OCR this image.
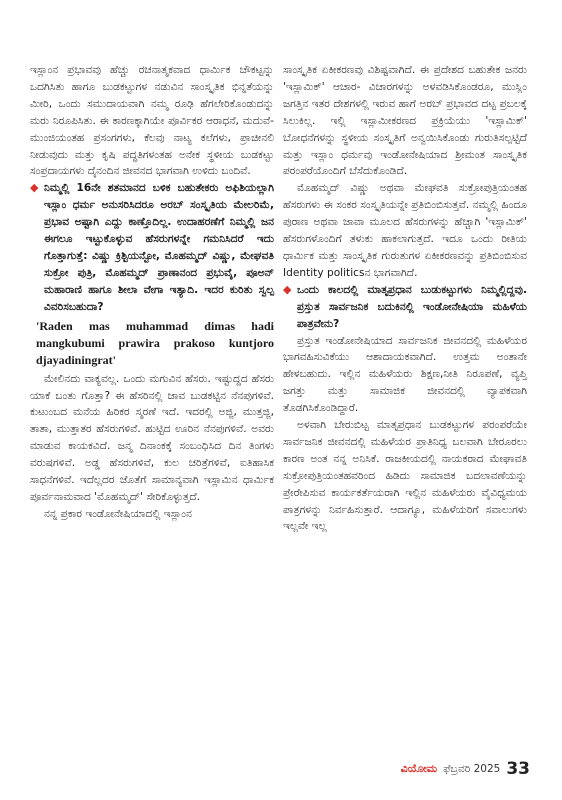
ಇಸ್ಲಾಂನ ಪ್ರಭಾವವು ಹೆಚ್ಚು ರಚನಾತ್ಮಕವಾದ ಧಾರ್ಮಿಕ ಚೌಕಟ್ಟನ್ನು ಒದಗಿಸಿತು ಹಾಗೂ ಬುಡಕಟ್ಟುಗಳ ನಡುವಿನ ಸಾಂಸ್ಕೃತಿಕ ಭಿನ್ನತೆಯನ್ನು ಮೀರಿ, ಒಂದು ಸಮುದಾಯವಾಗಿ ನಮ್ಮ ರೂಢಿ ಹೆಗಲೇರಿಕೊಂಡುದನ್ನು ಮರು ನಿರೂಪಿಸಿತು. ಈ ಕಾರಣಕ್ಕಾಗಿಯೇ ಪೂರ್ವಿಕರ ಆರಾಧನೆ, ಮದುವೆ-ಮುಂಜಿಯಂತಹ ಪ್ರಸಂಗಗಳು, ಕೆಲವು ನಾಟ್ಯ ಕಲೆಗಳು, ಪ್ರಾಚೀನಲಿ ನೀಡುವುದು ಮತ್ತು ಕೃಷಿ ಪದ್ಧತಿಗಳಂತಹ ಅನೇಕ ಸ್ಥಳೀಯ ಬುಡಕಟ್ಟು ಸಂಪ್ರದಾಯಗಳು ದೈನಂದಿನ ಜೀವನದ ಭಾಗವಾಗಿ ಉಳಿದು ಬಂದಿವೆ.

◆ ನಿಮ್ಮಲ್ಲಿ 16ನೇ ಶತಮಾನದ ಬಳಿಕ ಬಹುತೇಕರು ಅಫಿಶಿಯಲ್ಲಾಗಿ ಇಸ್ಲಾಂ ಧರ್ಮ ಅನುಸರಿಸಿದರೂ ಅರಬ್ ಸಂಸ್ಕೃತಿಯ ಮೇಲರಿಮೆ, ಪ್ರಭಾವ ಅಷ್ಟಾಗಿ ಎದ್ದು ಕಾಣ್ತೊದಿಲ್ಲ. ಉದಾಹರಣೆಗೆ ನಿಮ್ಮಲ್ಲಿ ಜನ ಈಗಲೂ ಇಟ್ಟುಕೊಳ್ಳುವ ಹೆಸರುಗಳನ್ನೇ ಗಮನಿಸಿದರೆ ಇದು ಗೊತ್ತಾಗುತ್ತೆ: ವಿಷ್ಣು ಕ್ರಿಶ್ಟಿಯನ್ಟೋ, ಮೊಹಮ್ಮದ್ ವಿಷ್ಣು, ಮೇಘವತಿ ಸುಕ್ರೋ ಪುತ್ರಿ, ಮೊಹಮ್ಮದ್ ಪ್ರಾಣಾನಂದ ಪ್ರಭುವೈ, ಪೂಅನ್ ಮಹಾರಾಣಿ ಹಾಗೂ ಶೀಲಾ ವೇಗಾ ಇತ್ಯಾದಿ. ಇದರ ಕುರಿತು ಸ್ವಲ್ಪ ವಿವರಿಸಬಹುದಾ?

'Raden mas muhammad dimas hadi mangkubumi prawira prakoso kuntjoro djayadiningrat'

ಮೇಲಿನದು ವಾಕ್ಯವಲ್ಲ. ಒಂದು ಮಗುವಿನ ಹೆಸರು. ಇಷ್ಟುದ್ದದ ಹೆಸರು ಯಾಕೆ ಬಂತು ಗೊತ್ತಾ? ಈ ಹೆಸರಿನಲ್ಲಿ ಜಾವ ಬುಡಕಟ್ಟಿನ ನೆನಪುಗಳಿವೆ. ಕುಟುಂಬದ ಮನೆಯ ಹಿರಿಕರ ಸ್ಮರಣೆ ಇದೆ. ಇದರಲ್ಲಿ ಅಜ್ಜಿ, ಮುತ್ತಜ್ಜಿ, ತಾತಾ, ಮುತ್ತಾತರ ಹೆಸರುಗಳಿವೆ. ಹುಟ್ಟಿದ ಊರಿನ ನೆನಪುಗಳಿವೆ. ಅವರು ಮಾಡುವ ಕಾಯಕವಿದೆ. ಜನ್ಮ ದಿನಾಂಕಕ್ಕೆ ಸಂಬಂಧಿಸಿದ ದಿನ ತಿಂಗಳು ವರುಷಗಳಿವೆ. ಅಡ್ಡ ಹೆಸರುಗಳಿವೆ, ಕುಲ ಚರಿತ್ರೆಗಳಿವೆ, ಐತಿಹಾಸಿಕ ಸಾಧನೆಗಳಿವೆ. ಇದೆಲ್ಲದರ ಜೊತೆಗೆ ಸಾಮಾನ್ಯವಾಗಿ ಇಸ್ಲಾಮಿನ ಧಾರ್ಮಿಕ ಪೂರ್ವನಾಮವಾದ 'ಮೊಹಮ್ಮದ್' ಸೇರಿಕೊಳ್ಳುತ್ತದೆ.

ನನ್ನ ಪ್ರಕಾರ ಇಂಡೋನೇಷಿಯಾದಲ್ಲಿ ಇಸ್ಲಾಂನ

ಸಾಂಸ್ಕೃತಿಕ ಏಕೀಕರಣವು ವಿಶಿಷ್ಟವಾಗಿದೆ. ಈ ಪ್ರದೇಶದ ಬಹುತೇಕ ಜನರು 'ಇಸ್ಲಾಮಿಕ್' ಆಚಾರ- ವಿಚಾರಗಳನ್ನು ಅಳವಡಿಸಿಕೊಂಡರೂ, ಮುಸ್ಲಿಂ ಜಗತ್ತಿನ ಇತರ ದೇಶಗಳಲ್ಲಿ ಇರುವ ಹಾಗೆ ಅರಬ್ ಪ್ರಭಾವದ ದಟ್ಟ ಪ್ರಬಲಕ್ಕೆ ಸಿಲುಕಿಲ್ಲ. ಇಲ್ಲಿ ಇಸ್ಲಾಮೀಕರಣದ ಪ್ರಕ್ರಿಯೆಯು 'ಇಸ್ಲಾಮಿಕ್' ಬೋಧನೆಗಳನ್ನು ಸ್ಥಳೀಯ ಸಂಸ್ಕೃತಿಗೆ ಅನ್ವಯಿಸಿಕೊಂಡು ಗುರುತಿಸಲ್ಪಟ್ಟಿದೆ ಮತ್ತು ಇಸ್ಲಾಂ ಧರ್ಮವು ಇಂಡೋನೇಷಿಯಾದ ಶ್ರೀಮಂತ ಸಾಂಸ್ಕೃತಿಕ ಪರಂಪರೆಯೊಂದಿಗೆ ಬೆಸೆದುಕೊಂಡಿದೆ.

ಮೊಹಮ್ಮದ್ ವಿಷ್ಣು ಅಥವಾ ಮೇಘವತಿ ಸುಕ್ರೋಪುತ್ರಿಯಂತಹ ಹೆಸರುಗಳು ಈ ಸಂಕರ ಸಂಸ್ಕೃತಿಯನ್ನೇ ಪ್ರತಿಬಿಂಬಿಸುತ್ತವೆ. ನಮ್ಮಲ್ಲಿ ಹಿಂದೂ ಪುರಾಣ ಅಥವಾ ಜಾವಾ ಮೂಲದ ಹೆಸರುಗಳನ್ನು ಹೆಚ್ಚಾಗಿ 'ಇಸ್ಲಾಮಿಕ್' ಹೆಸರುಗಳೊಂದಿಗೆ ತಳುಕು ಹಾಕಲಾಗುತ್ತದೆ. ಇದೂ ಒಂದು ರೀತಿಯ ಧಾರ್ಮಿಕ ಮತ್ತು ಸಾಂಸ್ಕೃತಿಕ ಗುರುತುಗಳ ಏಕೀಕರಣವನ್ನು ಪ್ರತಿಬಿಂಬಿಸುವ Identity politicsನ ಭಾಗವಾಗಿದೆ.

◆ ಒಂದು ಕಾಲದಲ್ಲಿ ಮಾತೃಪ್ರಧಾನ ಬುಡುಕಟ್ಟುಗಳು ನಿಮ್ಮಲ್ಲಿದ್ದವು. ಪ್ರಸ್ತುತ ಸಾರ್ವಜನಿಕ ಬದುಕಿನಲ್ಲಿ ಇಂಡೋನೇಷಿಯಾ ಮಹಿಳೆಯ ಪಾತ್ರವೇನು?

ಪ್ರಸ್ತುತ ಇಂಡೋನೇಷಿಯಾದ ಸಾರ್ವಜನಿಕ ಜೀವನದಲ್ಲಿ ಮಹಿಳೆಯರ ಭಾಗವಹಿಸುವಿಕೆಯು ಆಶಾದಾಯಕವಾಗಿದೆ. ಉತ್ತಮ ಅಂತಾನೇ ಹೇಳಬಹುದು. ಇಲ್ಲಿನ ಮಹಿಳೆಯರು ಶಿಕ್ಷಣ,ನೀತಿ ನಿರೂಪಣೆ, ವ್ಯಪ್ತಿ ಜಗತ್ತು ಮತ್ತು ಸಾಮಾಜಿಕ ಜೀವನದಲ್ಲಿ ವ್ಯಾಪಕವಾಗಿ ತೊಡಗಿಸಿಕೊಂಡಿದ್ದಾರೆ.

ಅಳವಾಗಿ ಬೇರುಬಿಟ್ಟ ಮಾತೃಪ್ರಧಾನ ಬುಡಕಟ್ಟುಗಳ ಪರಂಪರೆಯೇ ಸಾರ್ವಜನಿಕ ಜೀವನದಲ್ಲಿ ಮಹಿಳೆಯರ ಪ್ರಾತಿನಿಧ್ಯ ಬಲವಾಗಿ ಬೇರೂರಲು ಕಾರಣ ಅಂತ ನನ್ನ ಅನಿಸಿಕೆ. ರಾಜಕೀಯದಲ್ಲಿ ನಾಯಕರಾದ ಮೇಘಾವತಿ ಸುಕ್ರೋಪುತ್ರಿಯಂತಹವರಿಂದ ಹಿಡಿದು ಸಾಮಾಜಿಕ ಬದಲಾವಣೆಯನ್ನು ಪ್ರೇರೇಪಿಸುವ ಕಾರ್ಯಕರ್ತೆಯರಾಗಿ ಇಲ್ಲಿನ ಮಹಿಳೆಯರು ವೈವಿಧ್ಯಮಯ ಪಾತ್ರಗಳನ್ನು ನಿರ್ವಹಿಸುತ್ತಾರೆ. ಆದಾಗ್ಯೂ, ಮಹಿಳೆಯರಿಗೆ ಸವಾಲುಗಳು ಇಲ್ಲವೇ ಇಲ್ಲ

ವಿಯೋಮ ಫೆಬ್ರವರಿ 2025 33
